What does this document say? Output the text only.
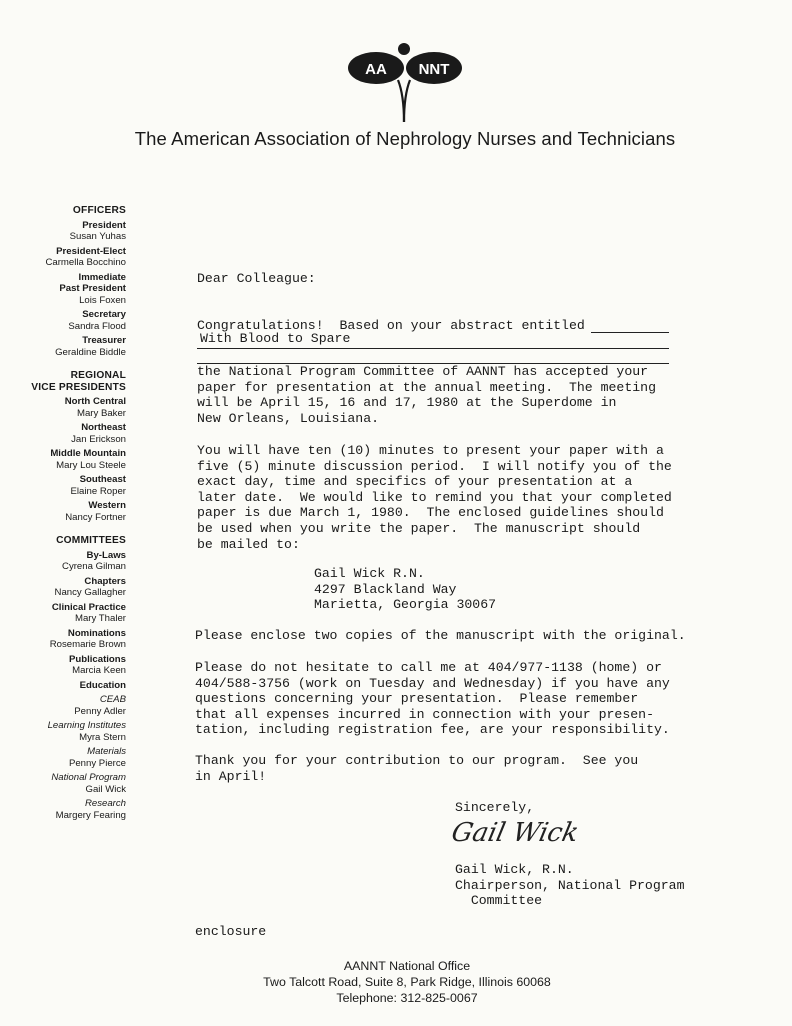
AA NNT
The American Association of Nephrology Nurses and Technicians
OFFICERS
President
Susan Yuhas
President-Elect
Carmella Bocchino
Immediate
Past President
Lois Foxen
Secretary
Sandra Flood
Treasurer
Geraldine Biddle
REGIONAL
VICE PRESIDENTS
North Central
Mary Baker
Northeast
Jan Erickson
Middle Mountain
Mary Lou Steele
Southeast
Elaine Roper
Western
Nancy Fortner
COMMITTEES
By-Laws
Cyrena Gilman
Chapters
Nancy Gallagher
Clinical Practice
Mary Thaler
Nominations
Rosemarie Brown
Publications
Marcia Keen
Education
CEAB
Penny Adler
Learning Institutes
Myra Stern
Materials
Penny Pierce
National Program
Gail Wick
Research
Margery Fearing
Dear Colleague:
Congratulations!  Based on your abstract entitled
With Blood to Spare
the National Program Committee of AANNT has accepted your
paper for presentation at the annual meeting.  The meeting
will be April 15, 16 and 17, 1980 at the Superdome in
New Orleans, Louisiana.
You will have ten (10) minutes to present your paper with a
five (5) minute discussion period.  I will notify you of the
exact day, time and specifics of your presentation at a
later date.  We would like to remind you that your completed
paper is due March 1, 1980.  The enclosed guidelines should
be used when you write the paper.  The manuscript should
be mailed to:
Gail Wick R.N.
4297 Blackland Way
Marietta, Georgia 30067
Please enclose two copies of the manuscript with the original.
Please do not hesitate to call me at 404/977-1138 (home) or
404/588-3756 (work on Tuesday and Wednesday) if you have any
questions concerning your presentation.  Please remember
that all expenses incurred in connection with your presen-
tation, including registration fee, are your responsibility.
Thank you for your contribution to our program.  See you
in April!
Sincerely,
Gail Wick
Gail Wick, R.N.
Chairperson, National Program
Committee
enclosure
AANNT National Office
Two Talcott Road, Suite 8, Park Ridge, Illinois 60068
Telephone: 312-825-0067
